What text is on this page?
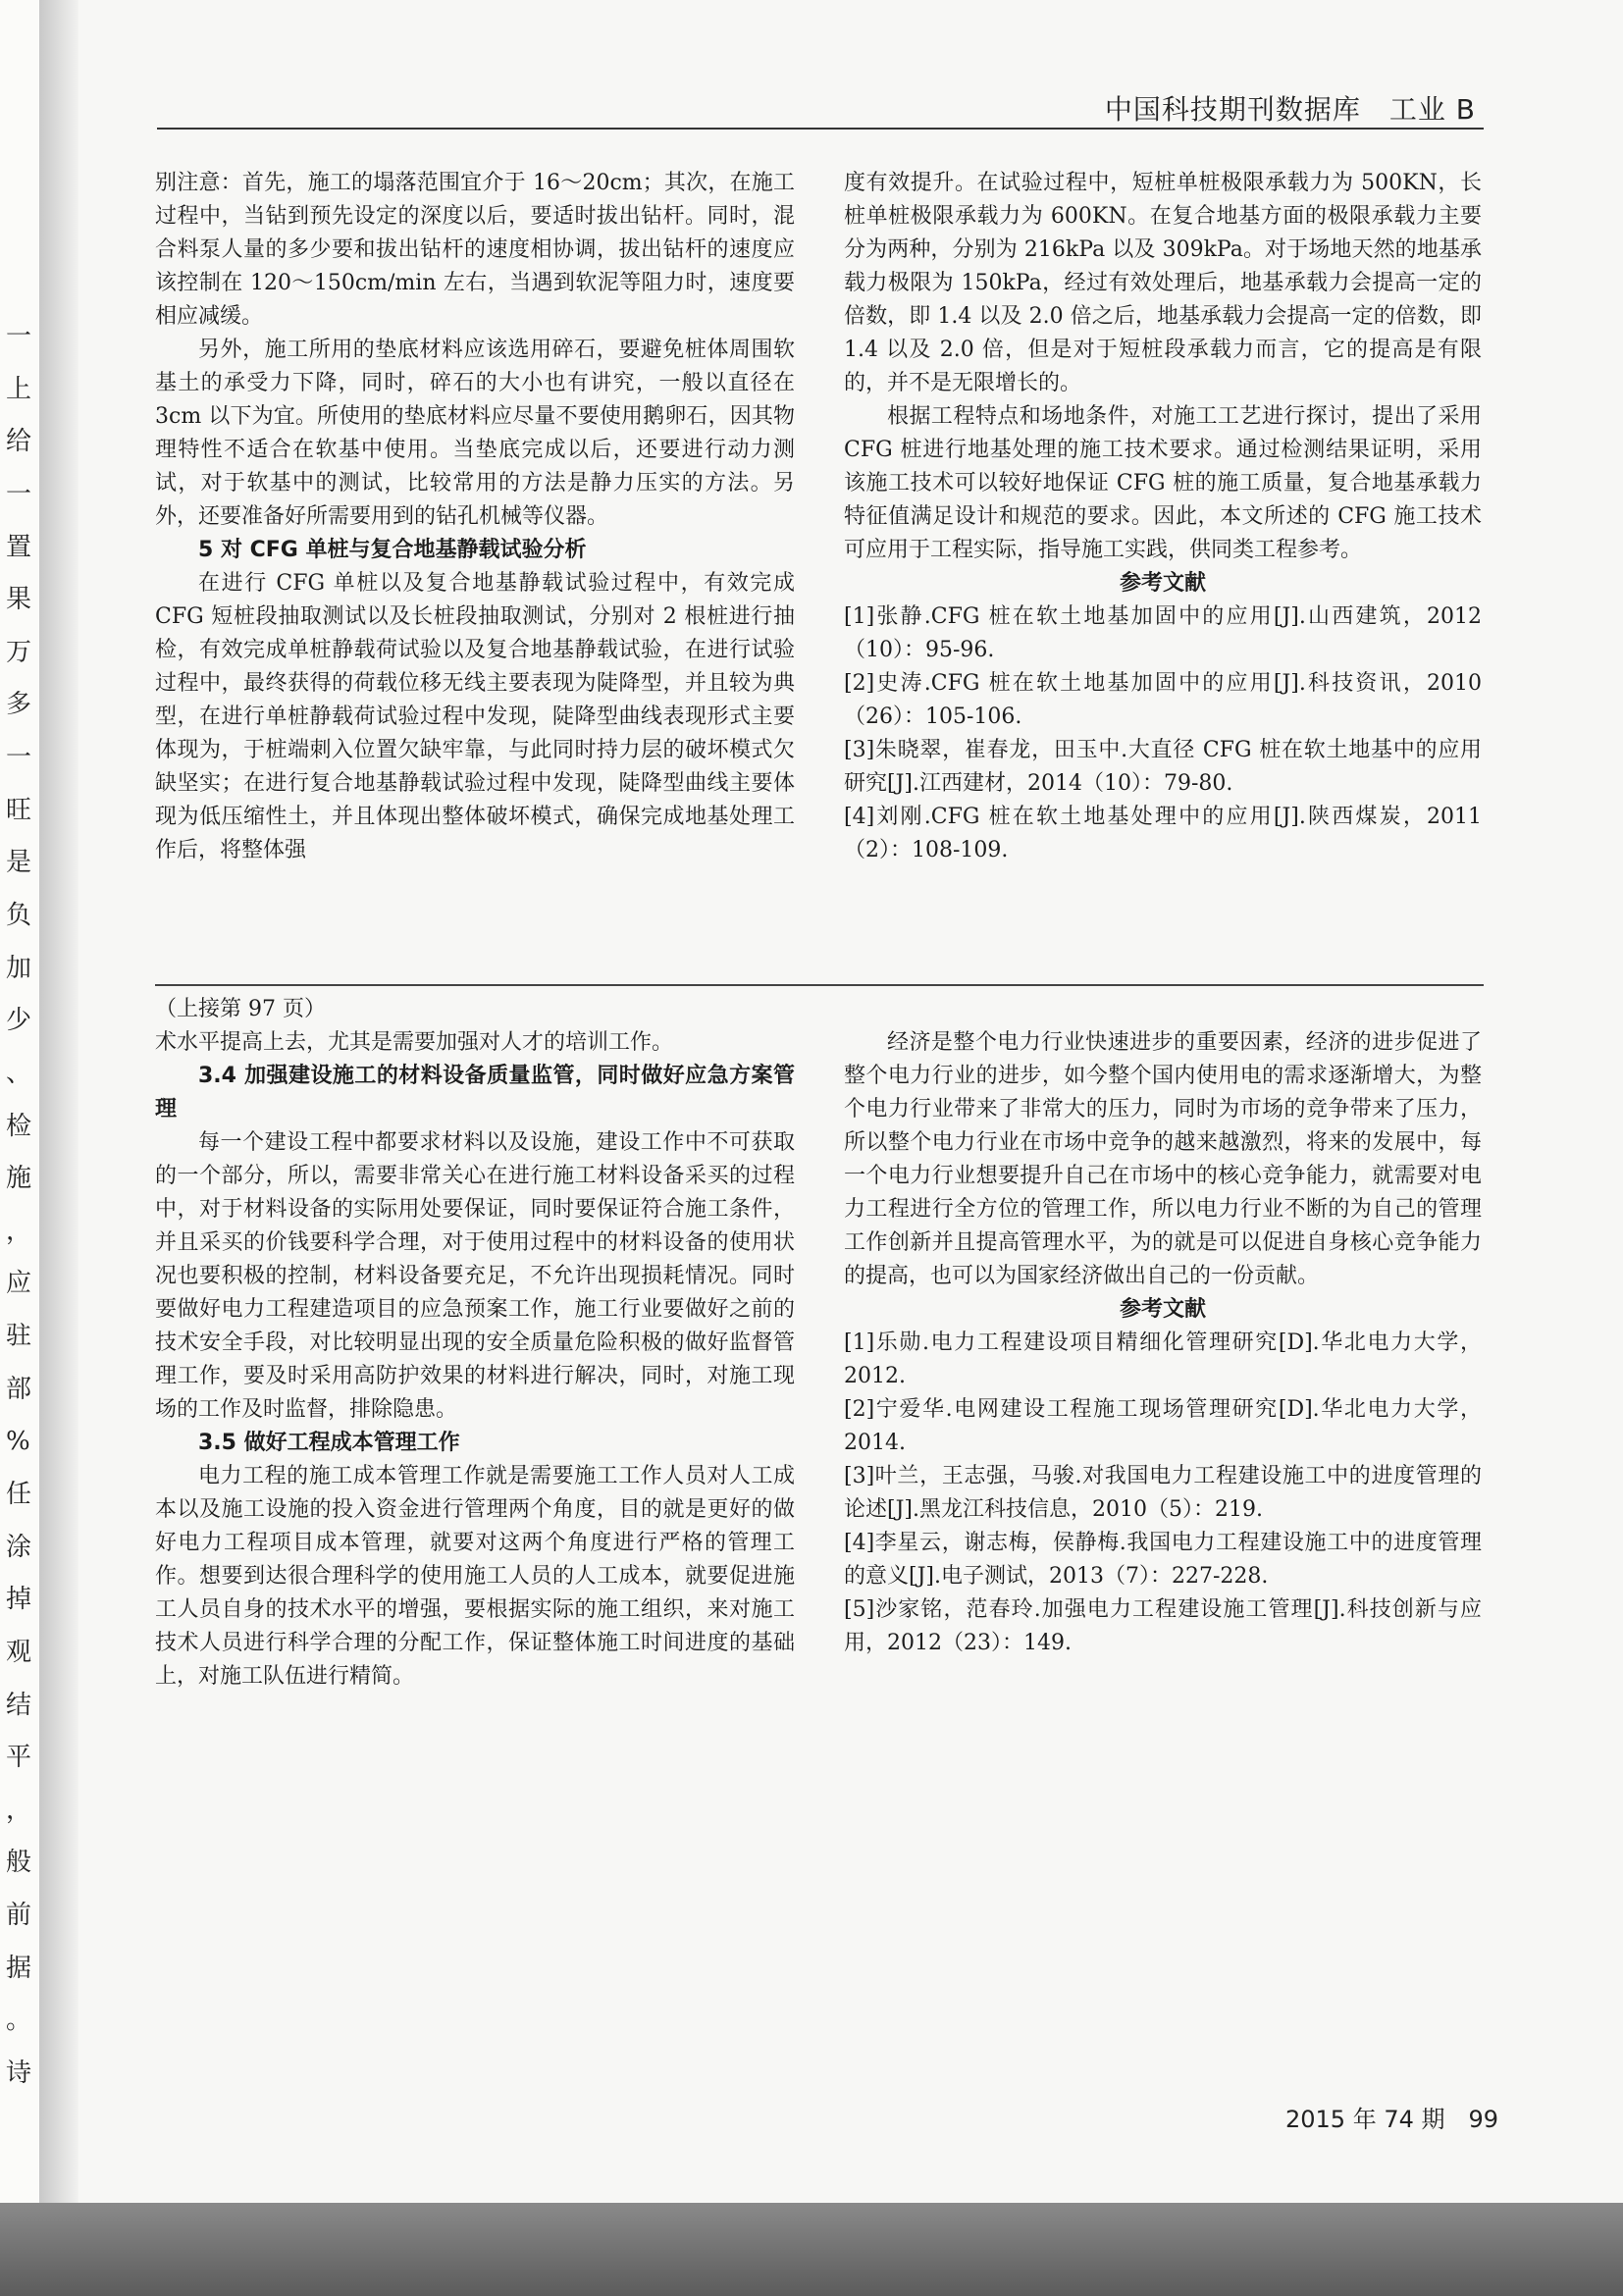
一
上
给
一
置
果
万
多
一
旺
是
负
加
少
、
检
施
，
应
驻
部
%
任
涂
掉
观
结
平
，
般
前
据
。
诗
中国科技期刊数据库　工业 B

别注意：首先，施工的塌落范围宜介于 16～20cm；其次，在施工过程中，当钻到预先设定的深度以后，要适时拔出钻杆。同时，混合料泵人量的多少要和拔出钻杆的速度相协调，拔出钻杆的速度应该控制在 120～150cm/min 左右，当遇到软泥等阻力时，速度要相应减缓。

另外，施工所用的垫底材料应该选用碎石，要避免桩体周围软基土的承受力下降，同时，碎石的大小也有讲究，一般以直径在 3cm 以下为宜。所使用的垫底材料应尽量不要使用鹅卵石，因其物理特性不适合在软基中使用。当垫底完成以后，还要进行动力测试，对于软基中的测试，比较常用的方法是静力压实的方法。另外，还要准备好所需要用到的钻孔机械等仪器。

5 对 CFG 单桩与复合地基静载试验分析

在进行 CFG 单桩以及复合地基静载试验过程中，有效完成 CFG 短桩段抽取测试以及长桩段抽取测试，分别对 2 根桩进行抽检，有效完成单桩静载荷试验以及复合地基静载试验，在进行试验过程中，最终获得的荷载位移无线主要表现为陡降型，并且较为典型，在进行单桩静载荷试验过程中发现，陡降型曲线表现形式主要体现为，于桩端刺入位置欠缺牢靠，与此同时持力层的破坏模式欠缺坚实；在进行复合地基静载试验过程中发现，陡降型曲线主要体现为低压缩性土，并且体现出整体破坏模式，确保完成地基处理工作后，将整体强

度有效提升。在试验过程中，短桩单桩极限承载力为 500KN，长桩单桩极限承载力为 600KN。在复合地基方面的极限承载力主要分为两种，分别为 216kPa 以及 309kPa。对于场地天然的地基承载力极限为 150kPa，经过有效处理后，地基承载力会提高一定的倍数，即 1.4 以及 2.0 倍之后，地基承载力会提高一定的倍数，即 1.4 以及 2.0 倍，但是对于短桩段承载力而言，它的提高是有限的，并不是无限增长的。

根据工程特点和场地条件，对施工工艺进行探讨，提出了采用 CFG 桩进行地基处理的施工技术要求。通过检测结果证明，采用该施工技术可以较好地保证 CFG 桩的施工质量，复合地基承载力特征值满足设计和规范的要求。因此，本文所述的 CFG 施工技术可应用于工程实际，指导施工实践，供同类工程参考。

参考文献

[1]张静.CFG 桩在软土地基加固中的应用[J].山西建筑，2012（10）：95-96.

[2]史涛.CFG 桩在软土地基加固中的应用[J].科技资讯，2010（26）：105-106.

[3]朱晓翠，崔春龙，田玉中.大直径 CFG 桩在软土地基中的应用研究[J].江西建材，2014（10）：79-80.

[4]刘刚.CFG 桩在软土地基处理中的应用[J].陕西煤炭，2011（2）：108-109.

（上接第 97 页）

术水平提高上去，尤其是需要加强对人才的培训工作。

3.4 加强建设施工的材料设备质量监管，同时做好应急方案管理

每一个建设工程中都要求材料以及设施，建设工作中不可获取的一个部分，所以，需要非常关心在进行施工材料设备采买的过程中，对于材料设备的实际用处要保证，同时要保证符合施工条件，并且采买的价钱要科学合理，对于使用过程中的材料设备的使用状况也要积极的控制，材料设备要充足，不允许出现损耗情况。同时要做好电力工程建造项目的应急预案工作，施工行业要做好之前的技术安全手段，对比较明显出现的安全质量危险积极的做好监督管理工作，要及时采用高防护效果的材料进行解决，同时，对施工现场的工作及时监督，排除隐患。

3.5 做好工程成本管理工作

电力工程的施工成本管理工作就是需要施工工作人员对人工成本以及施工设施的投入资金进行管理两个角度，目的就是更好的做好电力工程项目成本管理，就要对这两个角度进行严格的管理工作。想要到达很合理科学的使用施工人员的人工成本，就要促进施工人员自身的技术水平的增强，要根据实际的施工组织，来对施工技术人员进行科学合理的分配工作，保证整体施工时间进度的基础上，对施工队伍进行精简。

经济是整个电力行业快速进步的重要因素，经济的进步促进了整个电力行业的进步，如今整个国内使用电的需求逐渐增大，为整个电力行业带来了非常大的压力，同时为市场的竞争带来了压力，所以整个电力行业在市场中竞争的越来越激烈，将来的发展中，每一个电力行业想要提升自己在市场中的核心竞争能力，就需要对电力工程进行全方位的管理工作，所以电力行业不断的为自己的管理工作创新并且提高管理水平，为的就是可以促进自身核心竞争能力的提高，也可以为国家经济做出自己的一份贡献。

参考文献

[1]乐勋.电力工程建设项目精细化管理研究[D].华北电力大学，2012.

[2]宁爱华.电网建设工程施工现场管理研究[D].华北电力大学，2014.

[3]叶兰，王志强，马骏.对我国电力工程建设施工中的进度管理的论述[J].黑龙江科技信息，2010（5）：219.

[4]李星云，谢志梅，侯静梅.我国电力工程建设施工中的进度管理的意义[J].电子测试，2013（7）：227-228.

[5]沙家铭，范春玲.加强电力工程建设施工管理[J].科技创新与应用，2012（23）：149.

2015 年 74 期　99
